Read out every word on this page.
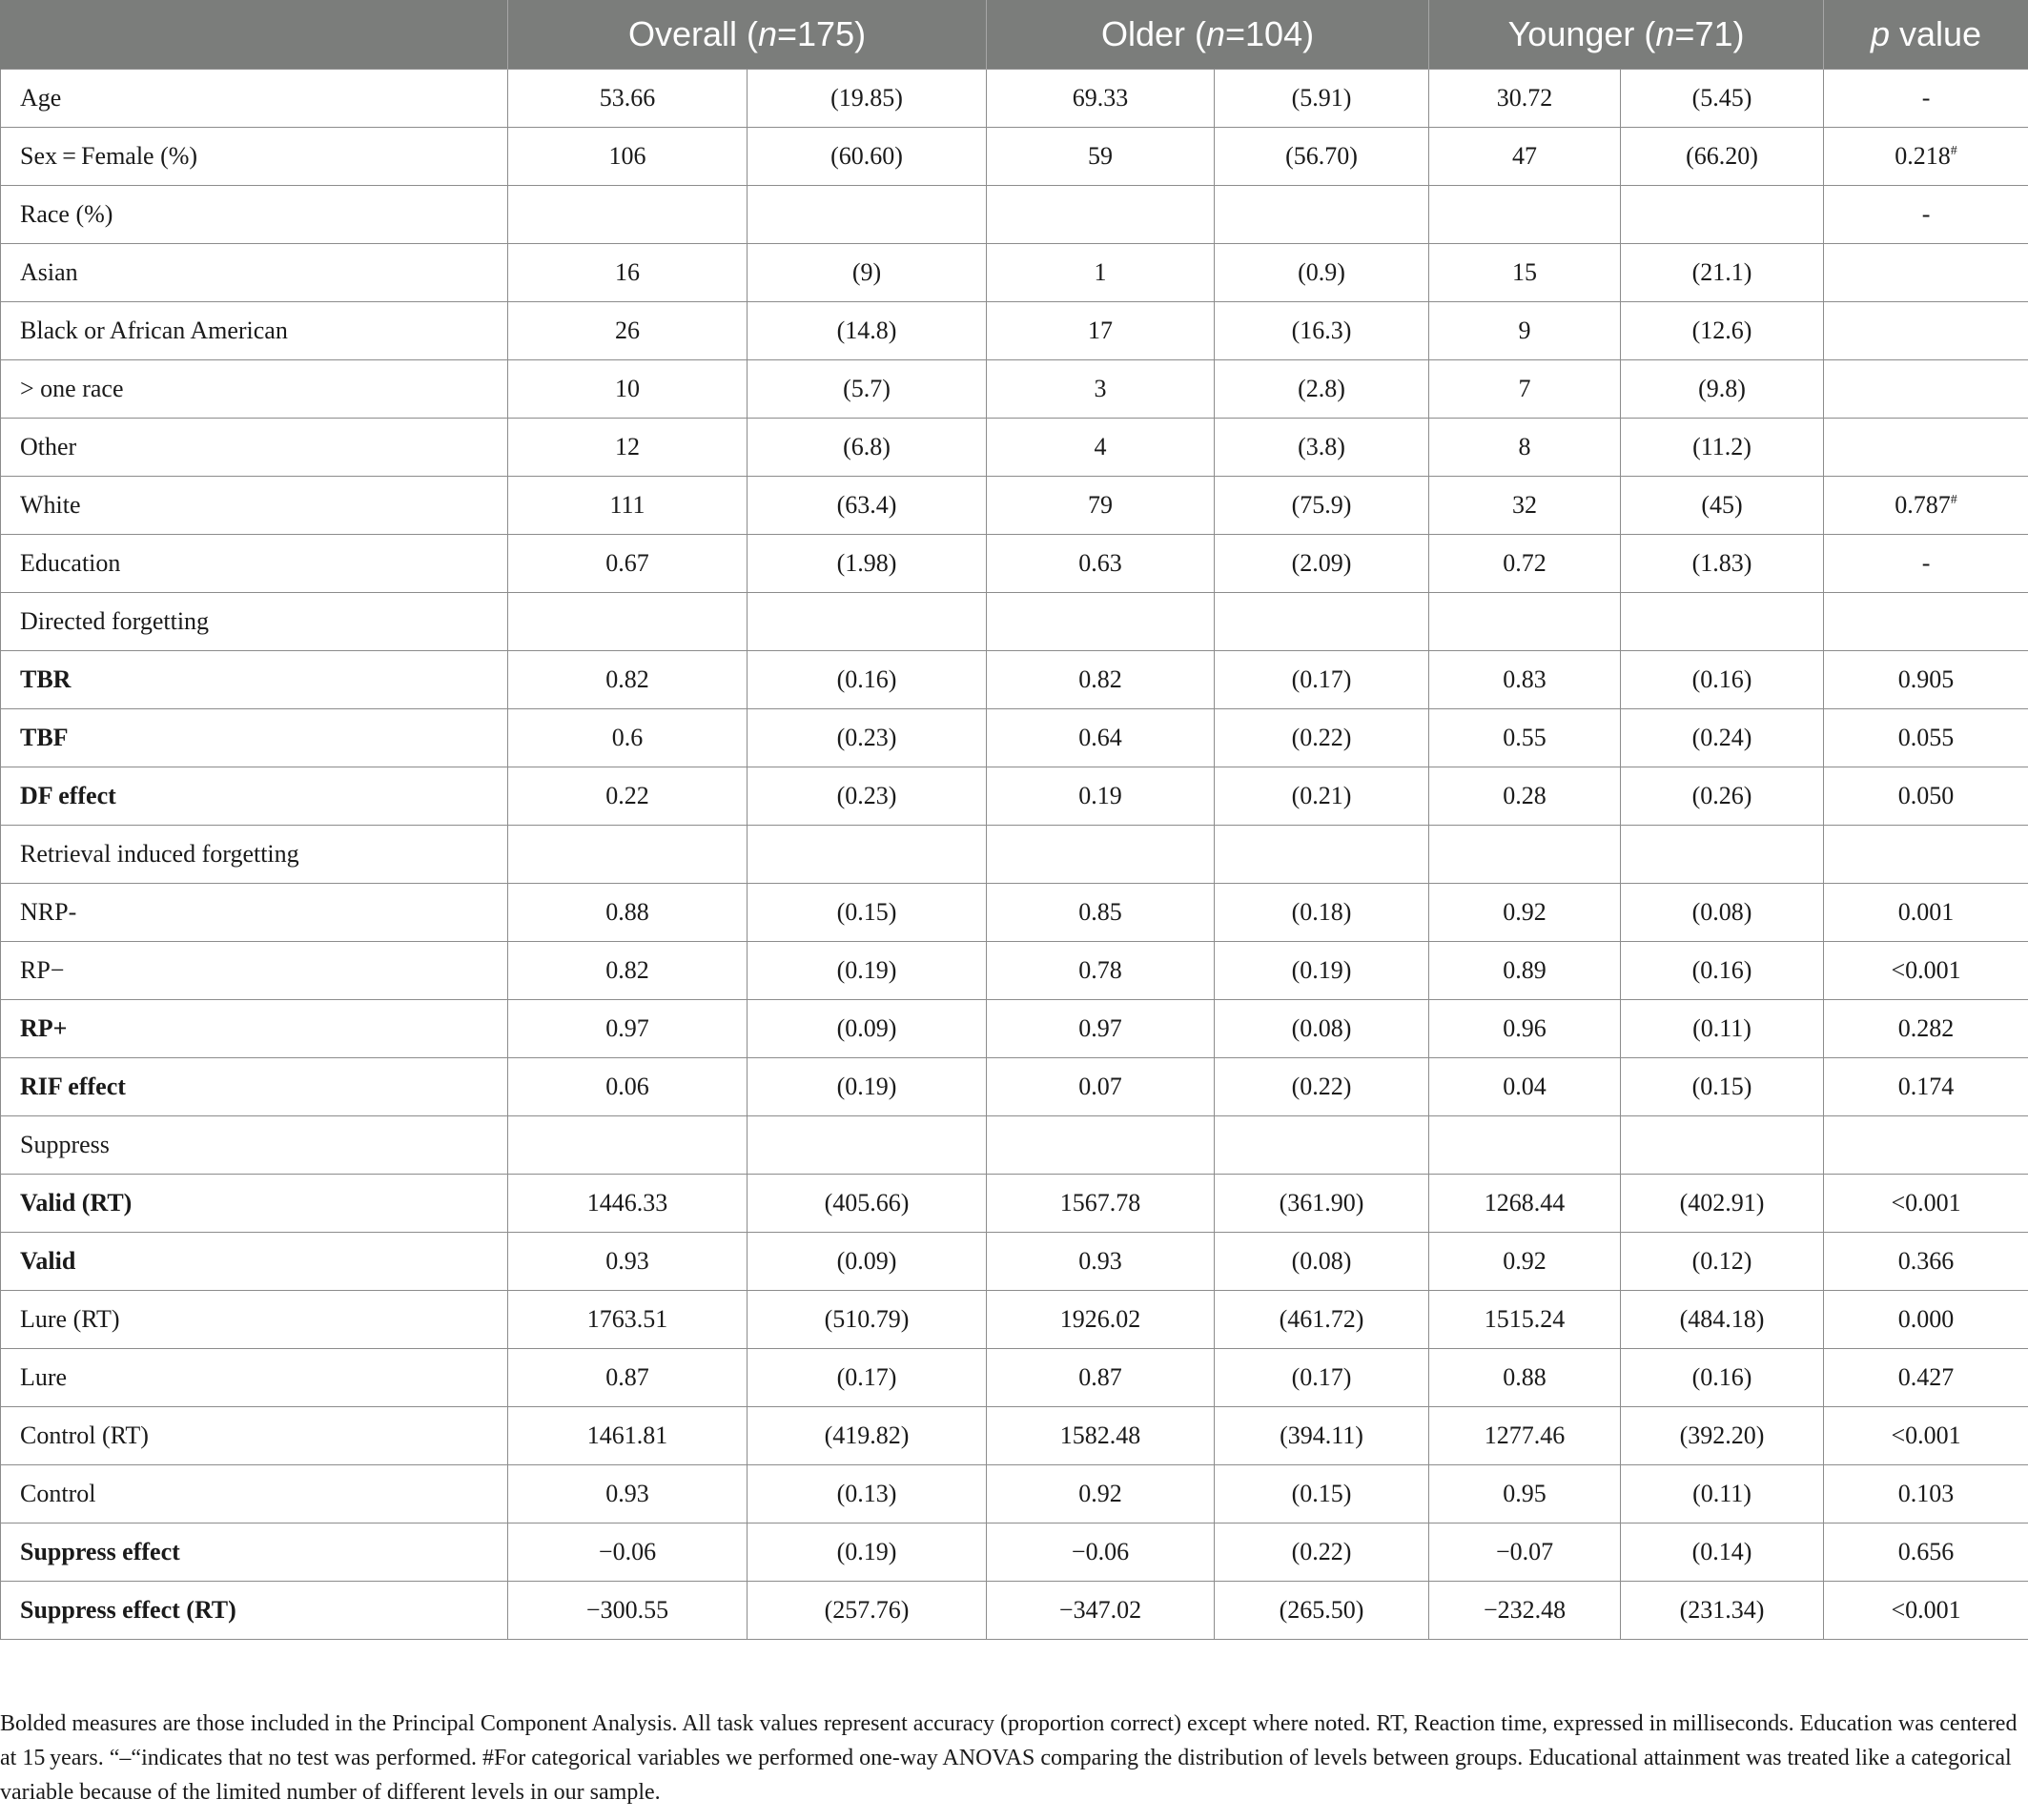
	Overall (n=175)		Older (n=104)		Younger (n=71)		p value
Age	53.66	(19.85)	69.33	(5.91)	30.72	(5.45)	-
Sex = Female (%)	106	(60.60)	59	(56.70)	47	(66.20)	0.218#
Race (%)							-
Asian	16	(9)	1	(0.9)	15	(21.1)	
Black or African American	26	(14.8)	17	(16.3)	9	(12.6)	
> one race	10	(5.7)	3	(2.8)	7	(9.8)	
Other	12	(6.8)	4	(3.8)	8	(11.2)	
White	111	(63.4)	79	(75.9)	32	(45)	0.787#
Education	0.67	(1.98)	0.63	(2.09)	0.72	(1.83)	-
Directed forgetting							
TBR	0.82	(0.16)	0.82	(0.17)	0.83	(0.16)	0.905
TBF	0.6	(0.23)	0.64	(0.22)	0.55	(0.24)	0.055
DF effect	0.22	(0.23)	0.19	(0.21)	0.28	(0.26)	0.050
Retrieval induced forgetting							
NRP-	0.88	(0.15)	0.85	(0.18)	0.92	(0.08)	0.001
RP−	0.82	(0.19)	0.78	(0.19)	0.89	(0.16)	<0.001
RP+	0.97	(0.09)	0.97	(0.08)	0.96	(0.11)	0.282
RIF effect	0.06	(0.19)	0.07	(0.22)	0.04	(0.15)	0.174
Suppress							
Valid (RT)	1446.33	(405.66)	1567.78	(361.90)	1268.44	(402.91)	<0.001
Valid	0.93	(0.09)	0.93	(0.08)	0.92	(0.12)	0.366
Lure (RT)	1763.51	(510.79)	1926.02	(461.72)	1515.24	(484.18)	0.000
Lure	0.87	(0.17)	0.87	(0.17)	0.88	(0.16)	0.427
Control (RT)	1461.81	(419.82)	1582.48	(394.11)	1277.46	(392.20)	<0.001
Control	0.93	(0.13)	0.92	(0.15)	0.95	(0.11)	0.103
Suppress effect	−0.06	(0.19)	−0.06	(0.22)	−0.07	(0.14)	0.656
Suppress effect (RT)	−300.55	(257.76)	−347.02	(265.50)	−232.48	(231.34)	<0.001
Bolded measures are those included in the Principal Component Analysis. All task values represent accuracy (proportion correct) except where noted. RT, Reaction time, expressed in milliseconds. Education was centered at 15 years. “–“indicates that no test was performed. #For categorical variables we performed one-way ANOVAS comparing the distribution of levels between groups. Educational attainment was treated like a categorical variable because of the limited number of different levels in our sample.
